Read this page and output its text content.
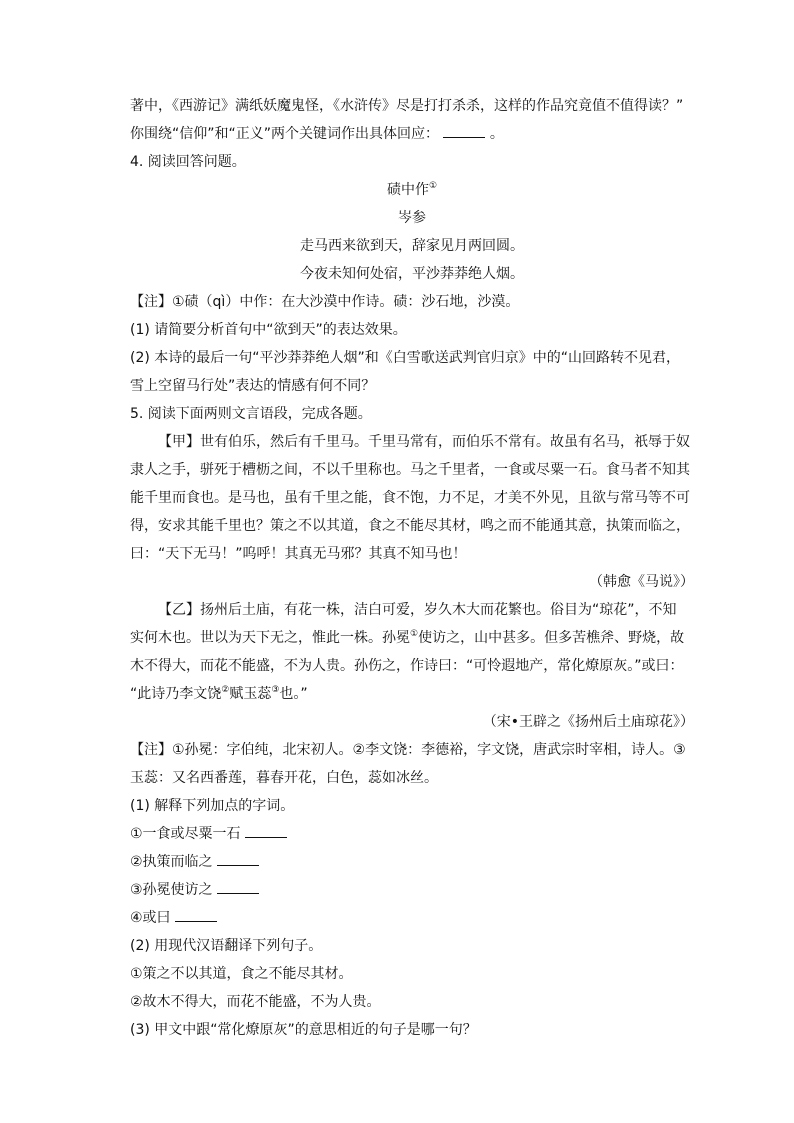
著中，《西游记》满纸妖魔鬼怪，《水浒传》尽是打打杀杀，这样的作品究竟值不值得读？”
你围绕“信仰”和“正义”两个关键词作出具体回应：	。
4. 阅读回答问题。
碛中作①
岑参
走马西来欲到天，辞家见月两回圆。
今夜未知何处宿，平沙莽莽绝人烟。
【注】①碛（qì）中作：在大沙漠中作诗。碛：沙石地，沙漠。
(1) 请简要分析首句中“欲到天”的表达效果。
(2) 本诗的最后一句“平沙莽莽绝人烟”和《白雪歌送武判官归京》中的“山回路转不见君，
雪上空留马行处”表达的情感有何不同？
5. 阅读下面两则文言语段，完成各题。
【甲】世有伯乐，然后有千里马。千里马常有，而伯乐不常有。故虽有名马，祇辱于奴
隶人之手，骈死于槽枥之间，不以千里称也。马之千里者，一食或尽粟一石。食马者不知其
能千里而食也。是马也，虽有千里之能，食不饱，力不足，才美不外见，且欲与常马等不可
得，安求其能千里也？策之不以其道，食之不能尽其材，鸣之而不能通其意，执策而临之，
曰：“天下无马！”呜呼！其真无马邪？其真不知马也！
（韩愈《马说》）
【乙】扬州后土庙，有花一株，洁白可爱，岁久木大而花繁也。俗目为“琼花”，不知
实何木也。世以为天下无之，惟此一株。孙冕①使访之，山中甚多。但多苦樵斧、野烧，故
木不得大，而花不能盛，不为人贵。孙伤之，作诗曰：“可怜遐地产，常化燎原灰。”或曰：
“此诗乃李文饶②赋玉蕊③也。”
（宋•王辟之《扬州后土庙琼花》）
【注】①孙冕：字伯纯，北宋初人。②李文饶：李德裕，字文饶，唐武宗时宰相，诗人。③
玉蕊：又名西番莲，暮春开花，白色，蕊如冰丝。
(1) 解释下列加点的字词。
①一食或尽粟一石
②执策而临之
③孙冕使访之
④或曰
(2) 用现代汉语翻译下列句子。
①策之不以其道，食之不能尽其材。
②故木不得大，而花不能盛，不为人贵。
(3) 甲文中跟“常化燎原灰”的意思相近的句子是哪一句？
